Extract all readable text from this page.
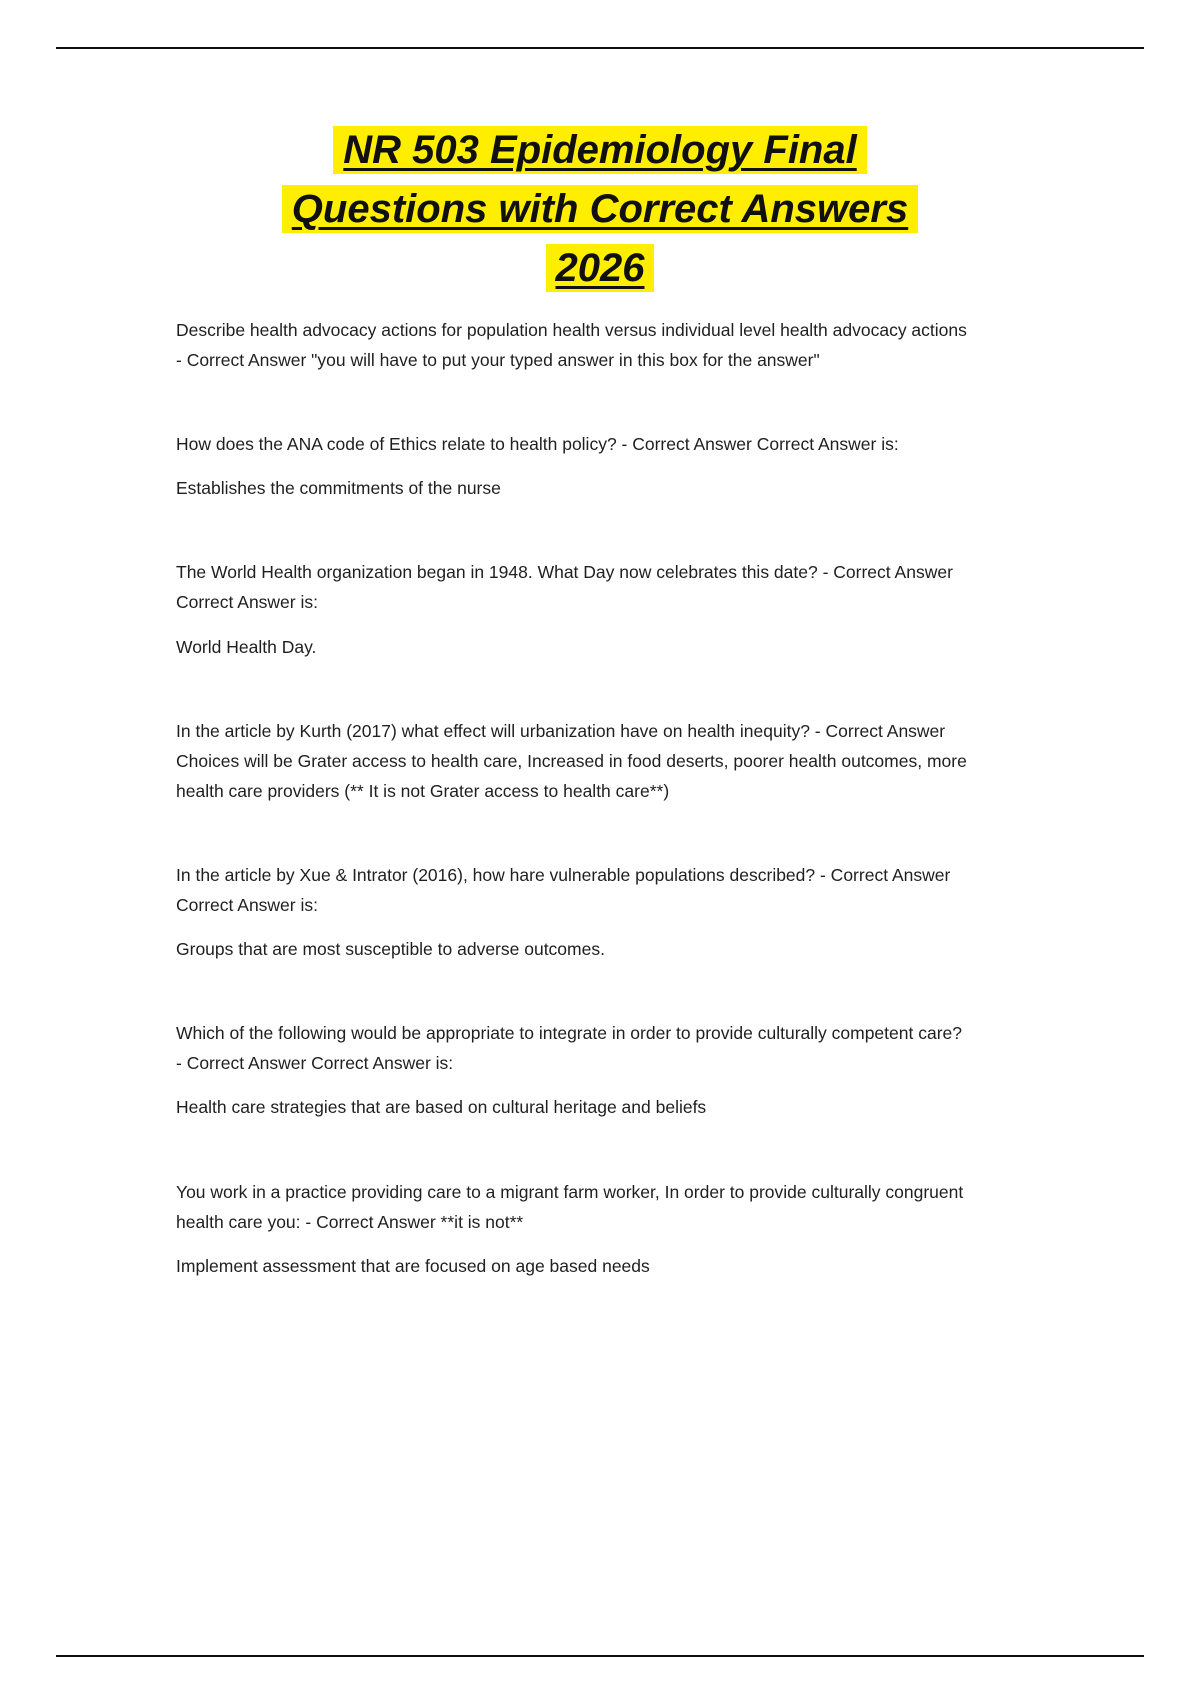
NR 503 Epidemiology Final
Questions with Correct Answers
2026

Describe health advocacy actions for population health versus individual level health advocacy actions - Correct Answer "you will have to put your typed answer in this box for the answer"

How does the ANA code of Ethics relate to health policy? - Correct Answer Correct Answer is:

Establishes the commitments of the nurse

The World Health organization began in 1948. What Day now celebrates this date? - Correct Answer Correct Answer is:

World Health Day.

In the article by Kurth (2017) what effect will urbanization have on health inequity? - Correct Answer Choices will be Grater access to health care, Increased in food deserts, poorer health outcomes, more health care providers (** It is not Grater access to health care**)

In the article by Xue & Intrator (2016), how hare vulnerable populations described? - Correct Answer Correct Answer is:

Groups that are most susceptible to adverse outcomes.

Which of the following would be appropriate to integrate in order to provide culturally competent care? - Correct Answer Correct Answer is:

Health care strategies that are based on cultural heritage and beliefs

You work in a practice providing care to a migrant farm worker, In order to provide culturally congruent health care you: - Correct Answer **it is not**

Implement assessment that are focused on age based needs
